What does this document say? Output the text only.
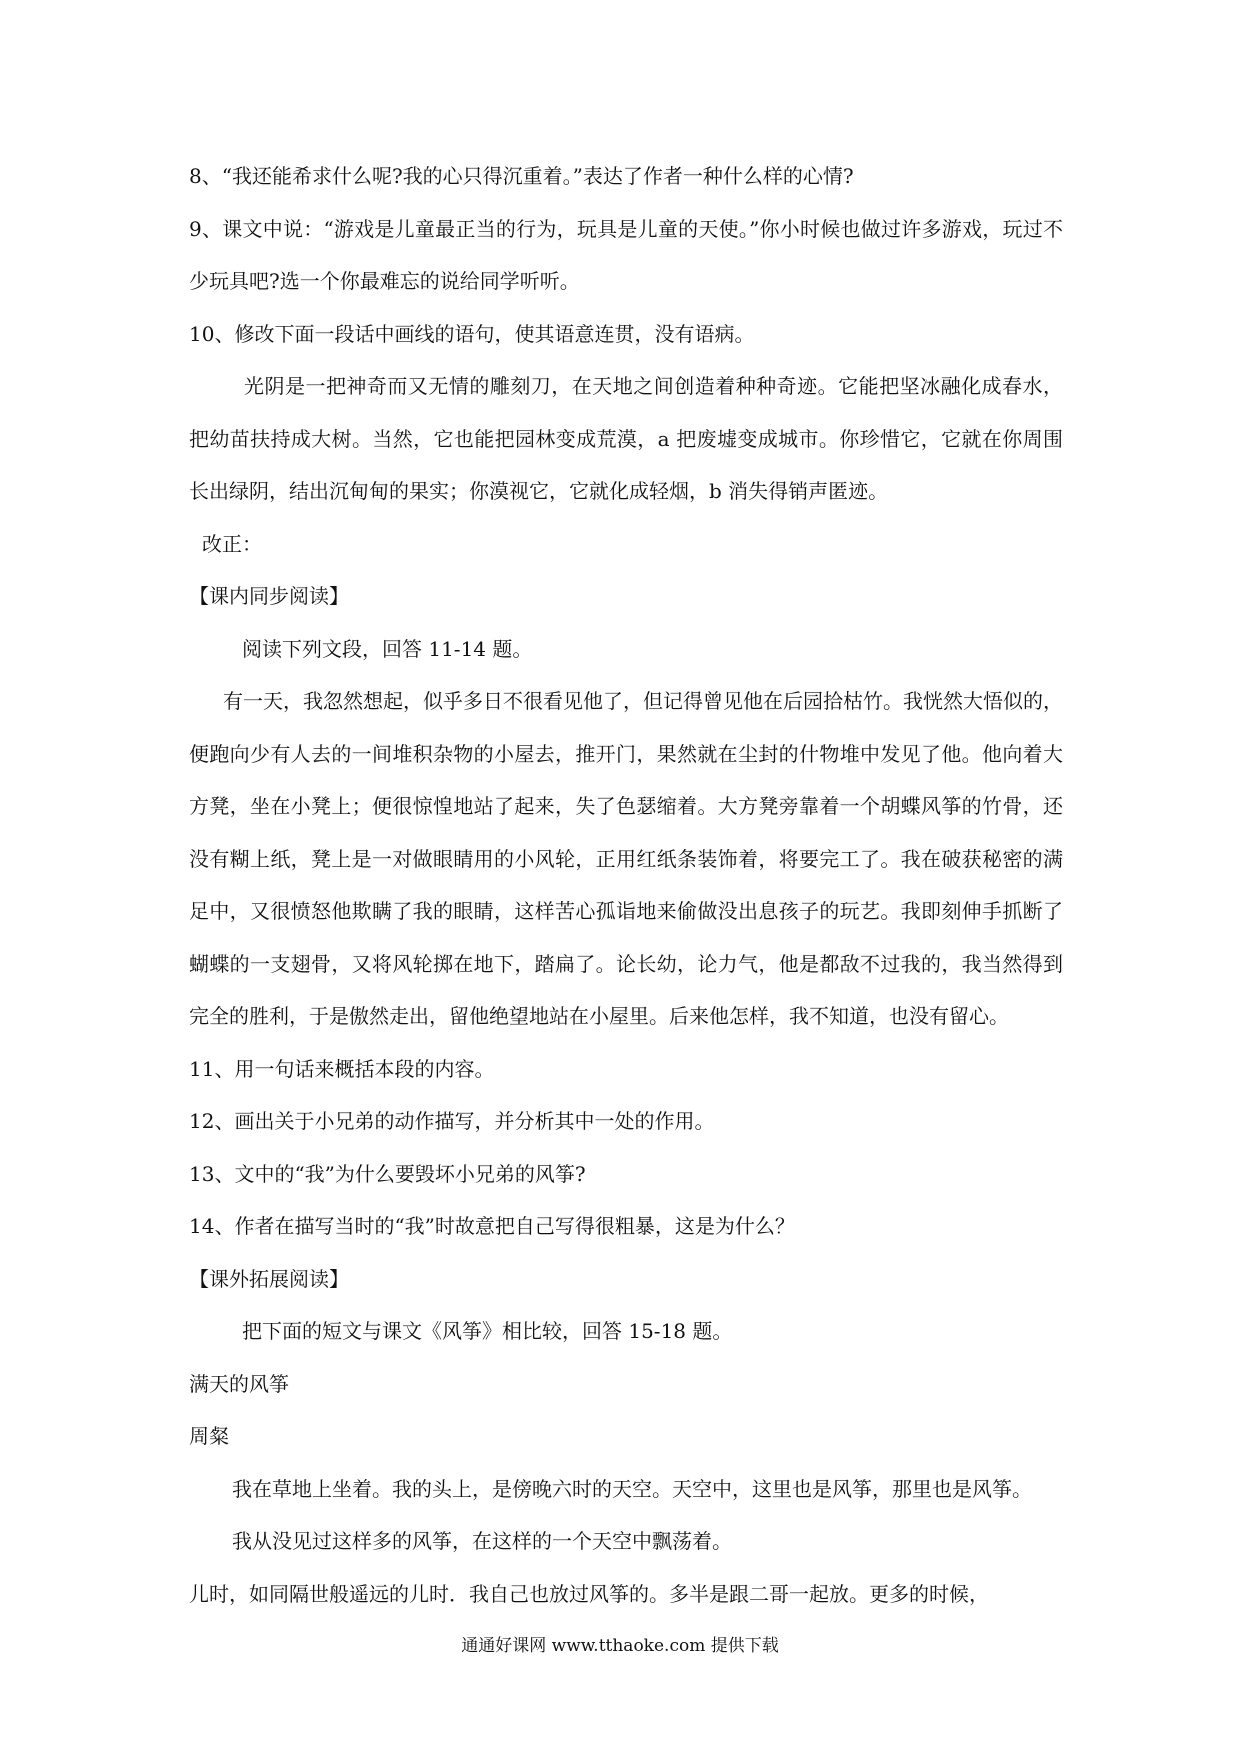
8、“我还能希求什么呢?我的心只得沉重着。”表达了作者一种什么样的心情?
9、课文中说：“游戏是儿童最正当的行为，玩具是儿童的天使。”你小时候也做过许多游戏，玩过不少玩具吧?选一个你最难忘的说给同学听听。
10、修改下面一段话中画线的语句，使其语意连贯，没有语病。
光阴是一把神奇而又无情的雕刻刀，在天地之间创造着种种奇迹。它能把坚冰融化成春水，把幼苗扶持成大树。当然，它也能把园林变成荒漠，a 把废墟变成城市。你珍惜它，它就在你周围长出绿阴，结出沉甸甸的果实；你漠视它，它就化成轻烟，b 消失得销声匿迹。
改正：
【课内同步阅读】
阅读下列文段，回答 11-14 题。
有一天，我忽然想起，似乎多日不很看见他了，但记得曾见他在后园拾枯竹。我恍然大悟似的，便跑向少有人去的一间堆积杂物的小屋去，推开门，果然就在尘封的什物堆中发见了他。他向着大方凳，坐在小凳上；便很惊惶地站了起来，失了色瑟缩着。大方凳旁靠着一个胡蝶风筝的竹骨，还没有糊上纸，凳上是一对做眼睛用的小风轮，正用红纸条装饰着，将要完工了。我在破获秘密的满足中，又很愤怒他欺瞒了我的眼睛，这样苦心孤诣地来偷做没出息孩子的玩艺。我即刻伸手抓断了蝴蝶的一支翅骨，又将风轮掷在地下，踏扁了。论长幼，论力气，他是都敌不过我的，我当然得到完全的胜利，于是傲然走出，留他绝望地站在小屋里。后来他怎样，我不知道，也没有留心。
11、用一句话来概括本段的内容。
12、画出关于小兄弟的动作描写，并分析其中一处的作用。
13、文中的“我”为什么要毁坏小兄弟的风筝?
14、作者在描写当时的“我”时故意把自己写得很粗暴，这是为什么？
【课外拓展阅读】
把下面的短文与课文《风筝》相比较，回答 15-18 题。
满天的风筝
周粲
我在草地上坐着。我的头上，是傍晚六时的天空。天空中，这里也是风筝，那里也是风筝。
我从没见过这样多的风筝，在这样的一个天空中飘荡着。
儿时，如同隔世般遥远的儿时．我自己也放过风筝的。多半是跟二哥一起放。更多的时候，
通通好课网 www.tthaoke.com 提供下载
